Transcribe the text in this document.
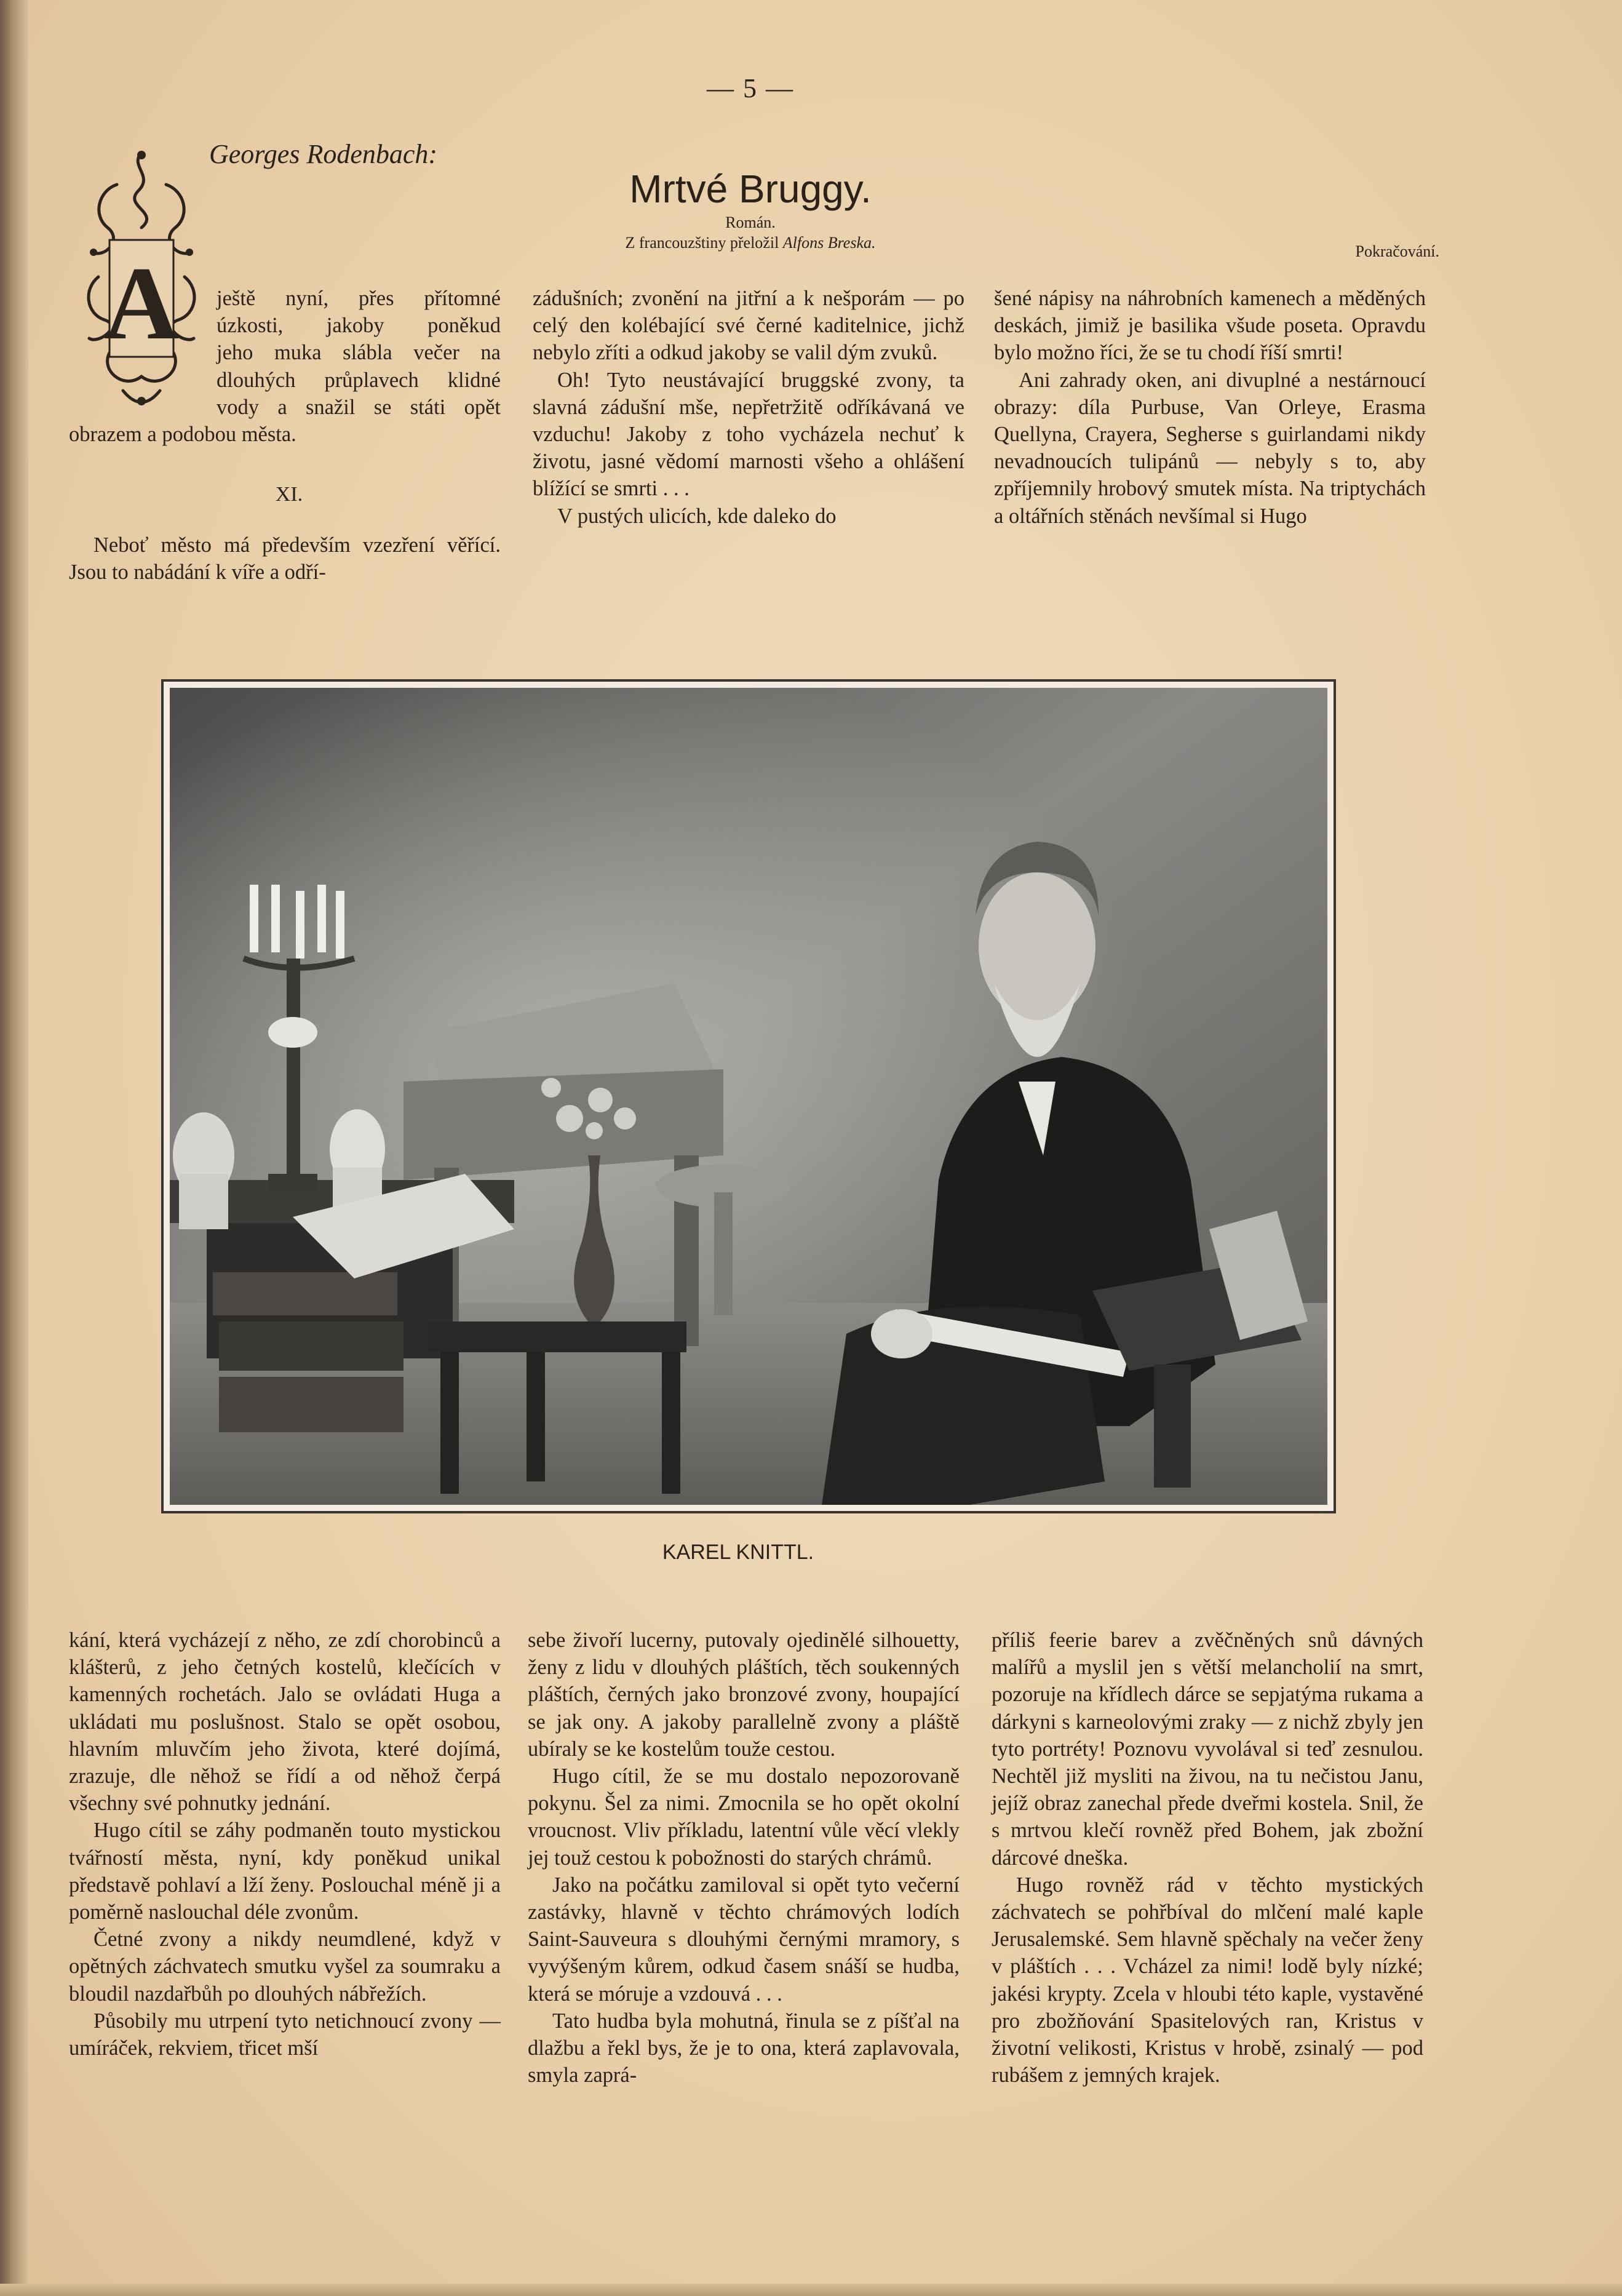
— 5 —
Georges Rodenbach:
Mrtvé Bruggy.
Román.
Z francouzštiny přeložil Alfons Breska.	Pokračování.
A ještě nyní, přes přítomné
úzkosti, jakoby poněkud
jeho muka slábla večer na
dlouhých průplavech klidné
vody a snažil se státi opět
obrazem a podobou města.
XI.

Neboť město má především vzezření věřící. Jsou to nabádání k víře a odří-

zádušních; zvonění na jitřní a k nešporám — po celý den kolébající své černé kaditelnice, jichž nebylo zříti a odkud jakoby se valil dým zvuků.

Oh! Tyto neustávající bruggské zvony, ta slavná zádušní mše, nepřetržitě odříkávaná ve vzduchu! Jakoby z toho vycházela nechuť k životu, jasné vědomí marnosti všeho a ohlášení blížící se smrti . . .

V pustých ulicích, kde daleko do

šené nápisy na náhrobních kamenech a měděných deskách, jimiž je basilika všude poseta. Opravdu bylo možno říci, že se tu chodí říší smrti!

Ani zahrady oken, ani divuplné a nestárnoucí obrazy: díla Purbuse, Van Orleye, Erasma Quellyna, Crayera, Segherse s guirlandami nikdy nevadnoucích tulipánů — nebyly s to, aby zpříjemnily hrobový smutek místa. Na triptychách a oltářních stěnách nevšímal si Hugo

KAREL KNITTL.

kání, která vycházejí z něho, ze zdí chorobinců a klášterů, z jeho četných kostelů, klečících v kamenných rochetách. Jalo se ovládati Huga a ukládati mu poslušnost. Stalo se opět osobou, hlavním mluvčím jeho života, které dojímá, zrazuje, dle něhož se řídí a od něhož čerpá všechny své pohnutky jednání.

Hugo cítil se záhy podmaněn touto mystickou tvářností města, nyní, kdy poněkud unikal představě pohlaví a lží ženy. Poslouchal méně ji a poměrně naslouchal déle zvonům.

Četné zvony a nikdy neumdlené, když v opětných záchvatech smutku vyšel za soumraku a bloudil nazdařbůh po dlouhých nábřežích.

Působily mu utrpení tyto netichnoucí zvony — umíráček, rekviem, třicet mší

sebe živoří lucerny, putovaly ojedinělé silhouetty, ženy z lidu v dlouhých pláštích, těch soukenných pláštích, černých jako bronzové zvony, houpající se jak ony. A jakoby parallelně zvony a pláště ubíraly se ke kostelům touže cestou.

Hugo cítil, že se mu dostalo nepozorovaně pokynu. Šel za nimi. Zmocnila se ho opět okolní vroucnost. Vliv příkladu, latentní vůle věcí vlekly jej touž cestou k pobožnosti do starých chrámů.

Jako na počátku zamiloval si opět tyto večerní zastávky, hlavně v těchto chrámových lodích Saint-Sauveura s dlouhými černými mramory, s vyvýšeným kůrem, odkud časem snáší se hudba, která se móruje a vzdouvá . . .

Tato hudba byla mohutná, řinula se z píšťal na dlažbu a řekl bys, že je to ona, která zaplavovala, smyla zaprá-

příliš feerie barev a zvěčněných snů dávných malířů a myslil jen s větší melancholií na smrt, pozoruje na křídlech dárce se sepjatýma rukama a dárkyni s karneolovými zraky — z nichž zbyly jen tyto portréty! Poznovu vyvolával si teď zesnulou. Nechtěl již mysliti na živou, na tu nečistou Janu, jejíž obraz zanechal přede dveřmi kostela. Snil, že s mrtvou klečí rovněž před Bohem, jak zbožní dárcové dneška.

Hugo rovněž rád v těchto mystických záchvatech se pohřbíval do mlčení malé kaple Jerusalemské. Sem hlavně spěchaly na večer ženy v pláštích . . . Vcházel za nimi! lodě byly nízké; jakési krypty. Zcela v hloubi této kaple, vystavěné pro zbožňování Spasitelových ran, Kristus v životní velikosti, Kristus v hrobě, zsinalý — pod rubášem z jemných krajek.
